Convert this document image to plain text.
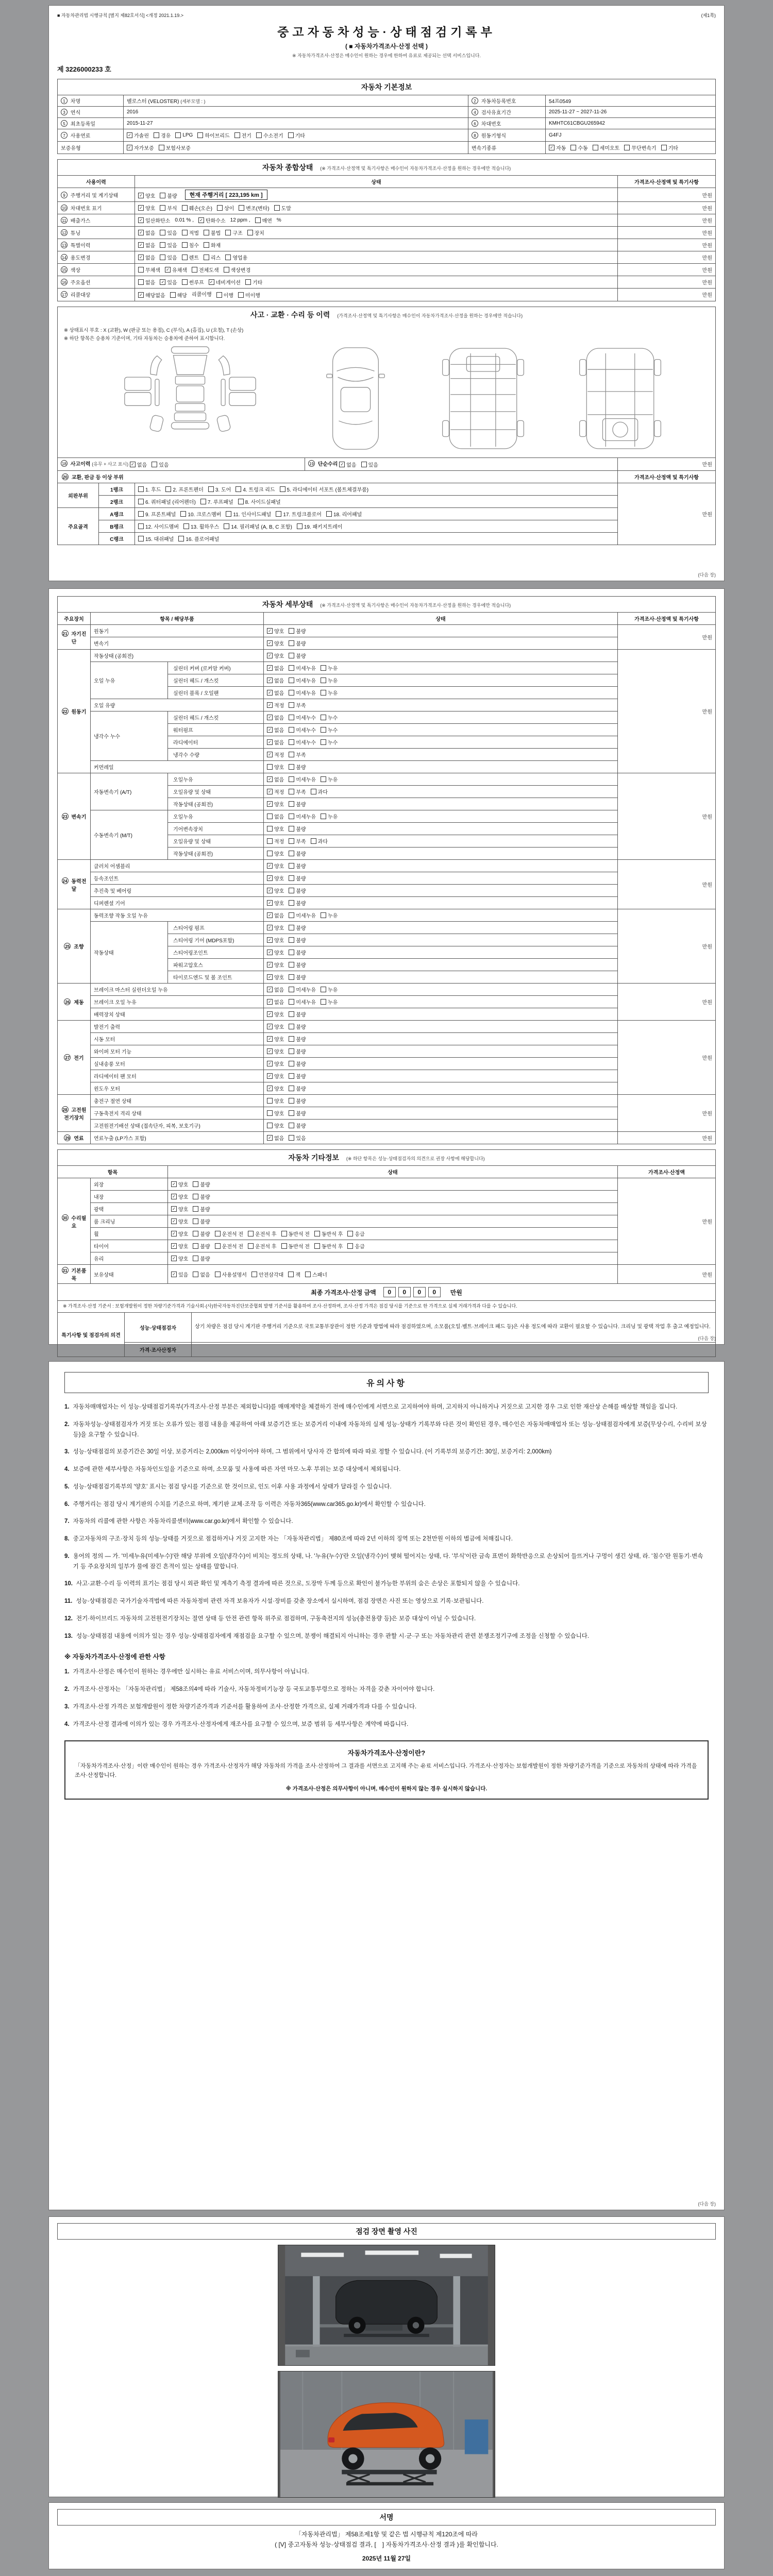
■ 자동차관리법 시행규칙 [별지 제82호서식] <개정 2021.1.19.>	(제1쪽)
중고자동차성능·상태점검기록부
( ■ 자동차가격조사·산정 선택 )
※ 자동차가격조사·산정은 매수인이 원하는 경우에 한하여 유료로 제공되는 선택 서비스입니다.
제 3226000233 호
자동차 기본정보
1 차명	벨로스터 (VELOSTER) (세부모델 : )	2 자동차등록번호	54프0549
3 연식	2016	4 검사유효기간	2025-11-27 ~ 2027-11-26
5 최초등록일	2015-11-27	6 차대번호	KMHTC61CBGU265942
7 사용연료	✓ 가솔린 경유 LPG 하이브리드 전기 수소전기 기타	8 원동기형식	G4FJ
보증유형	✓ 자가보증 보험사보증	변속기종류	✓ 자동 수동 세미오토 무단변속기 기타
자동차 종합상태 (※ 가격조사·산정액 및 특기사항은 매수인이 자동차가격조사·산정을 원하는 경우에만 적습니다)
사용이력	상태	가격조사·산정액 및 특기사항
9 주행거리 및 계기상태	✓ 양호 불량 현재 주행거리 [ 223,195 km ]	만원
10 차대번호 표기	✓ 양호 부식 훼손(오손) 상이 변조(변타) 도말	만원
11 배출가스	✓ 일산화탄소 0.01 % , ✓ 탄화수소 12 ppm , 매연 %	만원
12 튜닝	✓ 없음 있음 적법 불법 구조 장치	만원
13 특별이력	✓ 없음 있음 침수 화재	만원
14 용도변경	✓ 없음 있음 렌트 리스 영업용	만원
15 색상	무채색 ✓ 유채색 전체도색 색상변경	만원
16 주요옵션	없음 ✓ 있음 썬루프 ✓ 네비게이션 기타	만원
17 리콜대상	✓ 해당없음 해당 리콜이행 이행 미이행	만원
사고 · 교환 · 수리 등 이력 (가격조사·산정액 및 특기사항은 매수인이 자동차가격조사·산정을 원하는 경우에만 적습니다)
※ 상태표시 부호 : X (교환), W (판금 또는 용접), C (부식), A (흠집), U (요철), T (손상)
※ 하단 항목은 승용차 기준이며, 기타 자동차는 승용차에 준하여 표시합니다.
18 사고이력 (유무 + 사고 표시) ✓ 없음 있음	19 단순수리 ✓ 없음 있음	만원
20 교환, 판금 등 이상 부위			가격조사·산정액 및 특기사항
외판부위	1랭크	1. 후드 2. 프론트펜더 3. 도어 4. 트렁크 리드 5. 라디에이터 서포트 (볼트체결부품)	만원
	2랭크	6. 쿼터패널 (리어펜더) 7. 루프패널 8. 사이드실패널	

주요골격	A랭크	9. 프론트패널 10. 크로스멤버 11. 인사이드패널 17. 트렁크플로어 18. 리어패널	

	B랭크	12. 사이드멤버 13. 휠하우스 14. 필러패널 (A, B, C 포함) 19. 패키지트레이	

	C랭크	15. 대쉬패널 16. 플로어패널	
(다음 장)
자동차 세부상태 (※ 가격조사·산정액 및 특기사항은 매수인이 자동차가격조사·산정을 원하는 경우에만 적습니다)
주요장치	항목 / 해당부품		상태	가격조사·산정액 및 특기사항
21 자기진단	원동기		✓ 양호 불량	만원
	변속기		✓ 양호 불량	

22 원동기	작동상태 (공회전)		✓ 양호 불량	만원
	오일 누유	실린더 커버 (로커암 커버)	✓ 없음 미세누유 누유	

		실린더 헤드 / 개스킷	✓ 없음 미세누유 누유	

		실린더 블록 / 오일팬	✓ 없음 미세누유 누유	

	오일 유량		✓ 적정 부족	

	냉각수 누수	실린더 헤드 / 개스킷	✓ 없음 미세누수 누수	

		워터펌프	✓ 없음 미세누수 누수	

		라디에이터	✓ 없음 미세누수 누수	

		냉각수 수량	✓ 적정 부족	

	커먼레일		양호 불량	

23 변속기	자동변속기 (A/T)	오일누유	✓ 없음 미세누유 누유	만원
		오일유량 및 상태	✓ 적정 부족 과다	

		작동상태 (공회전)	✓ 양호 불량	

	수동변속기 (M/T)	오일누유	없음 미세누유 누유	

		기어변속장치	양호 불량	

		오일유량 및 상태	적정 부족 과다	

		작동상태 (공회전)	양호 불량	

24 동력전달	클러치 어셈블리		✓ 양호 불량	만원
	등속조인트		✓ 양호 불량	

	추진축 및 베어링		✓ 양호 불량	

	디퍼렌셜 기어		✓ 양호 불량	

25 조향	동력조향 작동 오일 누유		✓ 없음 미세누유 누유	만원
	작동상태	스티어링 펌프	✓ 양호 불량	

		스티어링 기어 (MDPS포함)	✓ 양호 불량	

		스티어링조인트	✓ 양호 불량	

		파워고압호스	✓ 양호 불량	

		타이로드엔드 및 볼 조인트	✓ 양호 불량	

26 제동	브레이크 마스터 실린더오일 누유		✓ 없음 미세누유 누유	만원
	브레이크 오일 누유		✓ 없음 미세누유 누유	

	배력장치 상태		✓ 양호 불량	

27 전기	발전기 출력		✓ 양호 불량	만원
	시동 모터		✓ 양호 불량	

	와이퍼 모터 기능		✓ 양호 불량	

	실내송풍 모터		✓ 양호 불량	

	라디에이터 팬 모터		✓ 양호 불량	

	윈도우 모터		✓ 양호 불량	

28 고전원전기장치	충전구 절연 상태		양호 불량	만원
	구동축전지 격리 상태		양호 불량	

	고전원전기배선 상태 (접속단자, 피복, 보호기구)		양호 불량	

29 연료	연료누출 (LP가스 포함)		✓ 없음 있음	만원
자동차 기타정보 (※ 하단 항목은 성능·상태점검자의 의견으로 권장 사항에 해당합니다)
항목		상태	가격조사·산정액
30 수리필요	외장	✓ 양호 불량	만원
	내장	✓ 양호 불량	

	광택	✓ 양호 불량	

	룸 크리닝	✓ 양호 불량	

휠	✓ 양호 불량 운전석 전 운전석 후 동반석 전 동반석 후 응급

타이어	✓ 양호 불량 운전석 전 운전석 후 동반석 전 동반석 후 응급

	유리	✓ 양호 불량	

31 기본품목	보유상태	✓ 있음 없음 사용설명서 안전삼각대 잭 스패너	만원
최종 가격조사·산정 금액	0 0 0 0	만원
※ 가격조사·산정 기준서 : 보험개발원이 정한 차량기준가격과 기술사회·(사)한국자동차진단보증협회 발행 기준서를 활용하여 조사·산정하며, 조사·산정 가격은 점검 당시를 기준으로 한 가격으로 실제 거래가격과 다를 수 있습니다.
특기사항 및 점검자의 의견	성능·상태점검자	상기 차량은 점검 당시 계기판 주행거리 기준으로 국토교통부장관이 정한 기준과 방법에 따라 점검하였으며, 소모품(오일·벨트·브레이크 패드 등)은 사용 정도에 따라 교환이 필요할 수 있습니다. 크리닝 및 광택 작업 후 출고 예정입니다.
	가격·조사산정자	
(다음 장)
유의사항
1. 자동차매매업자는 이 성능·상태점검기록부(가격조사·산정 부분은 제외합니다)를 매매계약을 체결하기 전에 매수인에게 서면으로 고지하여야 하며, 고지하지 아니하거나 거짓으로 고지한 경우 그로 인한 재산상 손해를 배상할 책임을 집니다.
2. 자동차성능·상태점검자가 거짓 또는 오류가 있는 점검 내용을 제공하여 아래 보증기간 또는 보증거리 이내에 자동차의 실제 성능·상태가 기록부와 다른 것이 확인된 경우, 매수인은 자동차매매업자 또는 성능·상태점검자에게 보증(무상수리, 수리비 보상 등)을 요구할 수 있습니다.
3. 성능·상태점검의 보증기간은 30일 이상, 보증거리는 2,000km 이상이어야 하며, 그 범위에서 당사자 간 합의에 따라 따로 정할 수 있습니다. (이 기록부의 보증기간: 30일, 보증거리: 2,000km)
4. 보증에 관한 세부사항은 자동차인도일을 기준으로 하며, 소모품 및 사용에 따른 자연 마모·노후 부위는 보증 대상에서 제외됩니다.
5. 성능·상태점검기록부의 '양호' 표시는 점검 당시를 기준으로 한 것이므로, 인도 이후 사용 과정에서 상태가 달라질 수 있습니다.
6. 주행거리는 점검 당시 계기판의 수치를 기준으로 하며, 계기판 교체·조작 등 이력은 자동차365(www.car365.go.kr)에서 확인할 수 있습니다.
7. 자동차의 리콜에 관한 사항은 자동차리콜센터(www.car.go.kr)에서 확인할 수 있습니다.
8. 중고자동차의 구조·장치 등의 성능·상태를 거짓으로 점검하거나 거짓 고지한 자는 「자동차관리법」 제80조에 따라 2년 이하의 징역 또는 2천만원 이하의 벌금에 처해집니다.
9. 용어의 정의 — 가. '미세누유(미세누수)'란 해당 부위에 오일(냉각수)이 비치는 정도의 상태, 나. '누유(누수)'란 오일(냉각수)이 맺혀 떨어지는 상태, 다. '부식'이란 금속 표면이 화학반응으로 손상되어 들뜨거나 구멍이 생긴 상태, 라. '침수'란 원동기·변속기 등 주요장치의 일부가 물에 잠긴 흔적이 있는 상태를 말합니다.
10. 사고·교환·수리 등 이력의 표기는 점검 당시 외관 확인 및 계측기 측정 결과에 따른 것으로, 도장막 두께 등으로 확인이 불가능한 부위의 숨은 손상은 포함되지 않을 수 있습니다.
11. 성능·상태점검은 국가기술자격법에 따른 자동차정비 관련 자격 보유자가 시설·장비를 갖춘 장소에서 실시하며, 점검 장면은 사진 또는 영상으로 기록·보관됩니다.
12. 전기·하이브리드 자동차의 고전원전기장치는 절연 상태 등 안전 관련 항목 위주로 점검하며, 구동축전지의 성능(충전용량 등)은 보증 대상이 아닐 수 있습니다.
13. 성능·상태점검 내용에 이의가 있는 경우 성능·상태점검자에게 재점검을 요구할 수 있으며, 분쟁이 해결되지 아니하는 경우 관할 시·군·구 또는 자동차관리 관련 분쟁조정기구에 조정을 신청할 수 있습니다.
※ 자동차가격조사·산정에 관한 사항
1. 가격조사·산정은 매수인이 원하는 경우에만 실시하는 유료 서비스이며, 의무사항이 아닙니다.
2. 가격조사·산정자는 「자동차관리법」 제58조의4에 따라 기술사, 자동차정비기능장 등 국토교통부령으로 정하는 자격을 갖춘 자이어야 합니다.
3. 가격조사·산정 가격은 보험개발원이 정한 차량기준가격과 기준서를 활용하여 조사·산정한 가격으로, 실제 거래가격과 다를 수 있습니다.
4. 가격조사·산정 결과에 이의가 있는 경우 가격조사·산정자에게 재조사를 요구할 수 있으며, 보증 범위 등 세부사항은 계약에 따릅니다.
자동차가격조사·산정이란?
「자동차가격조사·산정」이란 매수인이 원하는 경우 가격조사·산정자가 해당 자동차의 가격을 조사·산정하여 그 결과를 서면으로 고지해 주는 유료 서비스입니다. 가격조사·산정자는 보험개발원이 정한 차량기준가격을 기준으로 자동차의 상태에 따라 가격을 조사·산정합니다.
※ 가격조사·산정은 의무사항이 아니며, 매수인이 원하지 않는 경우 실시하지 않습니다.
(다음 장)
점검 장면 촬영 사진
서명
「자동차관리법」 제58조제1항 및 같은 법 시행규칙 제120조에 따라
( [V] 중고자동차 성능·상태점검 결과, [　] 자동차가격조사·산정 결과 )를 확인합니다.
2025년 11월 27일
